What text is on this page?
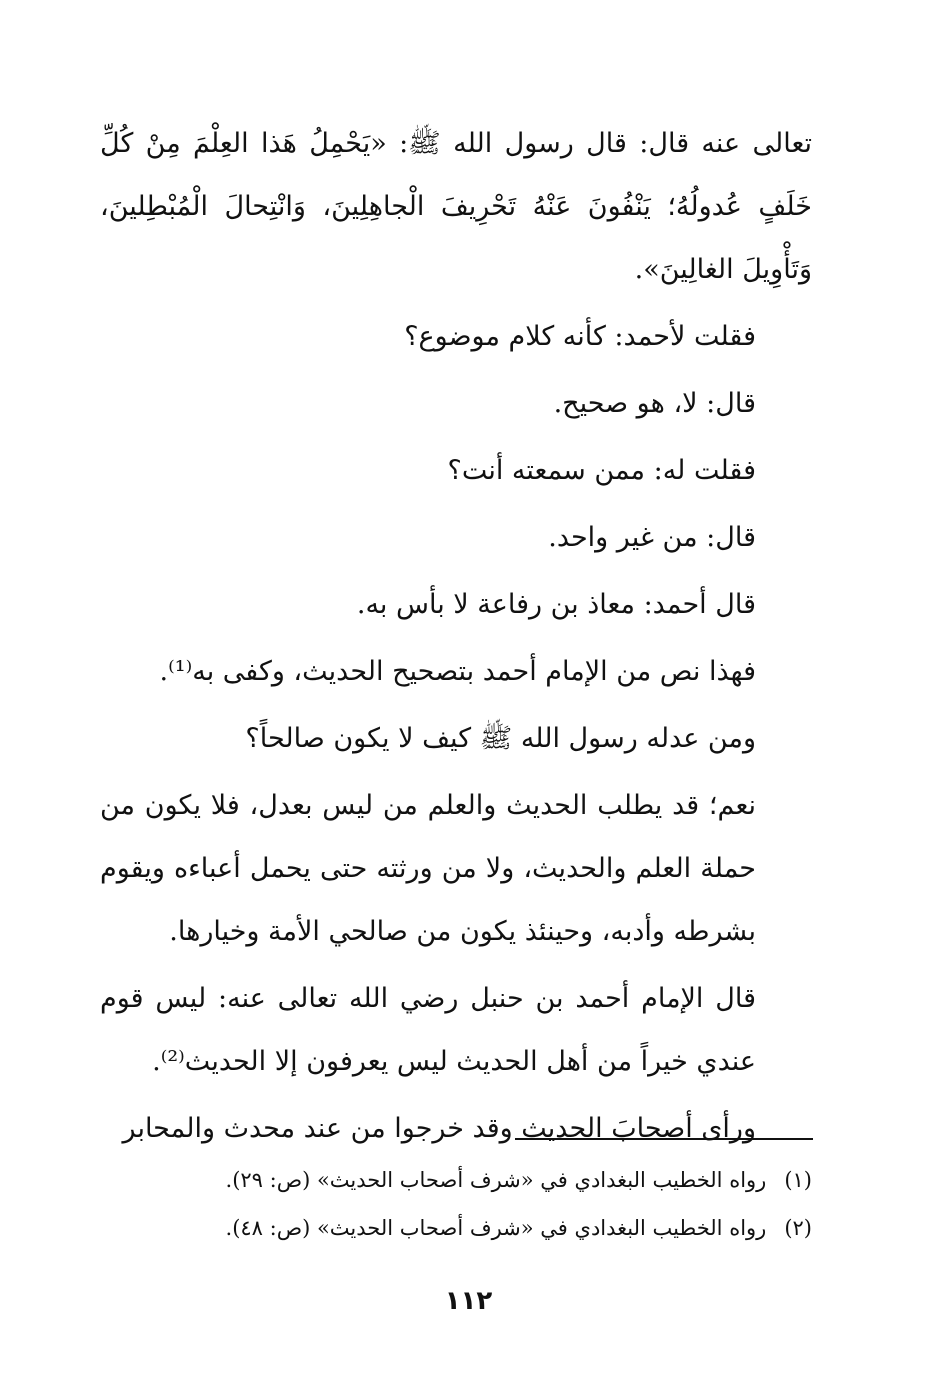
تعالى عنه قال: قال رسول الله ﷺ: «يَحْمِلُ هَذا العِلْمَ مِنْ كُلِّ خَلَفٍ عُدولُهُ؛ يَنْفُونَ عَنْهُ تَحْرِيفَ الْجاهِلِينَ، وَانْتِحالَ الْمُبْطِلينَ، وَتَأْوِيلَ الغالِينَ».

فقلت لأحمد: كأنه كلام موضوع؟

قال: لا، هو صحيح.

فقلت له: ممن سمعته أنت؟

قال: من غير واحد.

قال أحمد: معاذ بن رفاعة لا بأس به.

فهذا نص من الإمام أحمد بتصحيح الحديث، وكفى به⁽¹⁾.

ومن عدله رسول الله ﷺ كيف لا يكون صالحاً؟

نعم؛ قد يطلب الحديث والعلم من ليس بعدل، فلا يكون من حملة العلم والحديث، ولا من ورثته حتى يحمل أعباءه ويقوم بشرطه وأدبه، وحينئذ يكون من صالحي الأمة وخيارها.

قال الإمام أحمد بن حنبل رضي الله تعالى عنه: ليس قوم عندي خيراً من أهل الحديث ليس يعرفون إلا الحديث⁽²⁾.

ورأى أصحابَ الحديث وقد خرجوا من عند محدث والمحابر

(١)رواه الخطيب البغدادي في «شرف أصحاب الحديث» (ص: ٢٩).

(٢)رواه الخطيب البغدادي في «شرف أصحاب الحديث» (ص: ٤٨).

١١٢
